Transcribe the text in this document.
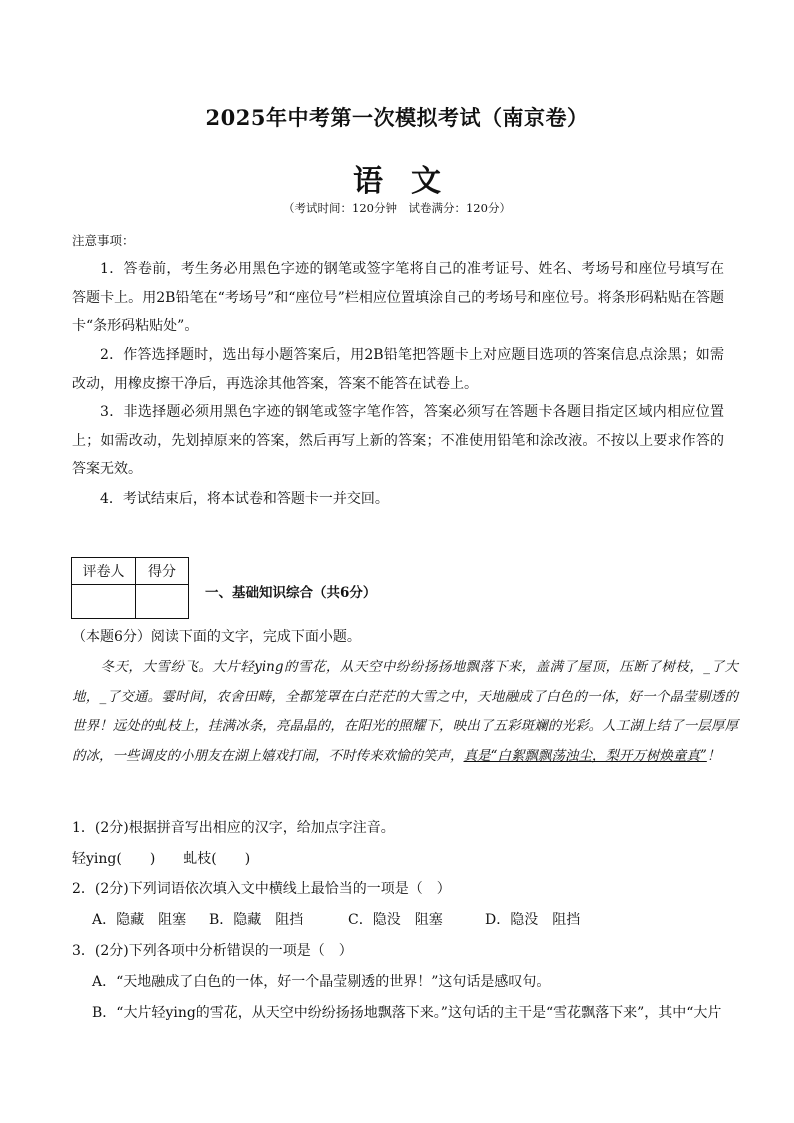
2025年中考第一次模拟考试（南京卷）
语文
（考试时间：120分钟　试卷满分：120分）
注意事项：
1．答卷前，考生务必用黑色字迹的钢笔或签字笔将自己的准考证号、姓名、考场号和座位号填写在答题卡上。用2B铅笔在“考场号”和“座位号”栏相应位置填涂自己的考场号和座位号。将条形码粘贴在答题卡“条形码粘贴处”。
2．作答选择题时，选出每小题答案后，用2B铅笔把答题卡上对应题目选项的答案信息点涂黑；如需改动，用橡皮擦干净后，再选涂其他答案，答案不能答在试卷上。
3．非选择题必须用黑色字迹的钢笔或签字笔作答，答案必须写在答题卡各题目指定区域内相应位置上；如需改动，先划掉原来的答案，然后再写上新的答案；不准使用铅笔和涂改液。不按以上要求作答的答案无效。
4．考试结束后，将本试卷和答题卡一并交回。
评卷人	得分

一、基础知识综合（共6分）
（本题6分）阅读下面的文字，完成下面小题。
冬天，大雪纷飞。大片轻ying的雪花，从天空中纷纷扬扬地飘落下来，盖满了屋顶，压断了树枝，_了大地，_了交通。霎时间，农舍田畴，全都笼罩在白茫茫的大雪之中，天地融成了白色的一体，好一个晶莹剔透的世界！远处的虬枝上，挂满冰条，亮晶晶的，在阳光的照耀下，映出了五彩斑斓的光彩。人工湖上结了一层厚厚的冰，一些调皮的小朋友在湖上嬉戏打闹，不时传来欢愉的笑声，真是“白絮飘飘荡浊尘，梨开万树焕童真”！
1．(2分)根据拼音写出相应的汉字，给加点字注音。
轻ying(　　)　　虬枝(　　)
2．(2分)下列词语依次填入文中横线上最恰当的一项是（　）
A．隐藏　阻塞 B．隐藏　阻挡	C．隐没　阻塞	D．隐没　阻挡
3．(2分)下列各项中分析错误的一项是（　）
A．“天地融成了白色的一体，好一个晶莹剔透的世界！”这句话是感叹句。
B．“大片轻ying的雪花，从天空中纷纷扬扬地飘落下来。”这句话的主干是“雪花飘落下来”，其中“大片
